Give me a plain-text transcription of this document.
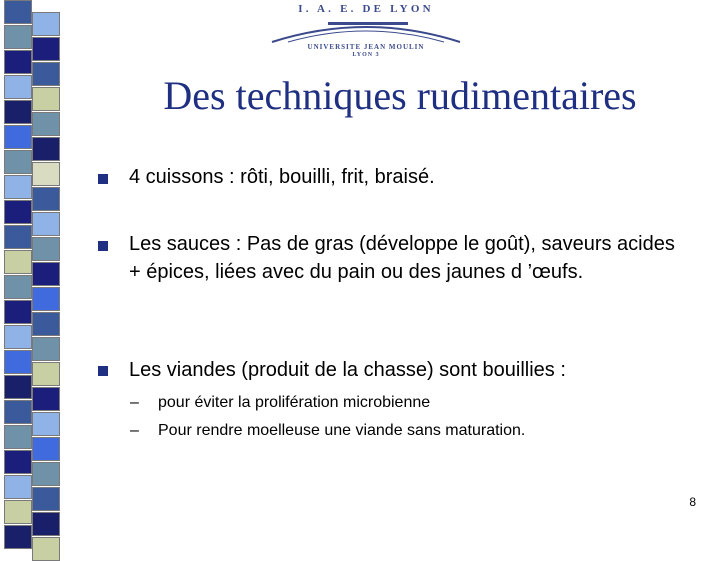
I. A. E. DE LYON
UNIVERSITE JEAN MOULIN
LYON 3
Des techniques rudimentaires
4 cuissons : rôti, bouilli, frit, braisé.
Les sauces : Pas de gras (développe le goût), saveurs acides + épices, liées avec du pain ou des jaunes d ’œufs.
Les viandes (produit de la chasse) sont bouillies :
– pour éviter la prolifération microbienne
– Pour rendre moelleuse une viande sans maturation.
8
